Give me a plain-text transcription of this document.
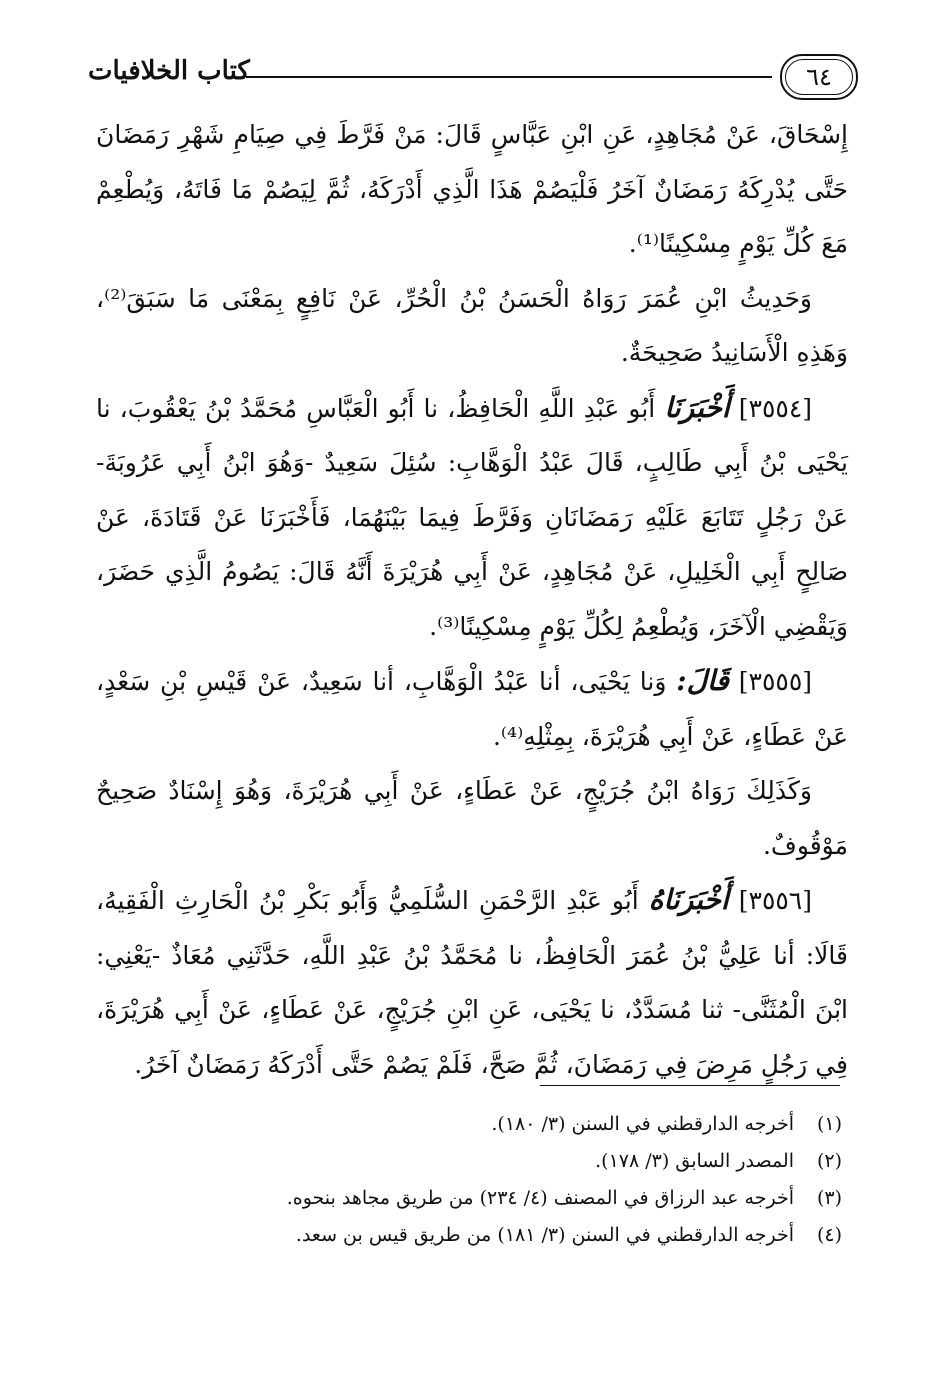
٦٤
كتاب الخلافيات

إِسْحَاقَ، عَنْ مُجَاهِدٍ، عَنِ ابْنِ عَبَّاسٍ قَالَ: مَنْ فَرَّطَ فِي صِيَامِ شَهْرِ رَمَضَانَ حَتَّى يُدْرِكَهُ رَمَضَانٌ آخَرُ فَلْيَصُمْ هَذَا الَّذِي أَدْرَكَهُ، ثُمَّ لِيَصُمْ مَا فَاتَهُ، وَيُطْعِمْ مَعَ كُلِّ يَوْمٍ مِسْكِينًا⁽¹⁾.

وَحَدِيثُ ابْنِ عُمَرَ رَوَاهُ الْحَسَنُ بْنُ الْحُرِّ، عَنْ نَافِعٍ بِمَعْنَى مَا سَبَقَ⁽²⁾، وَهَذِهِ الْأَسَانِيدُ صَحِيحَةٌ.

[٣٥٥٤] أَخْبَرَنَا أَبُو عَبْدِ اللَّهِ الْحَافِظُ، نا أَبُو الْعَبَّاسِ مُحَمَّدُ بْنُ يَعْقُوبَ، نا يَحْيَى بْنُ أَبِي طَالِبٍ، قَالَ عَبْدُ الْوَهَّابِ: سُئِلَ سَعِيدٌ -وَهُوَ ابْنُ أَبِي عَرُوبَةَ- عَنْ رَجُلٍ تَتَابَعَ عَلَيْهِ رَمَضَانَانِ وَفَرَّطَ فِيمَا بَيْنَهُمَا، فَأَخْبَرَنَا عَنْ قَتَادَةَ، عَنْ صَالِحٍ أَبِي الْخَلِيلِ، عَنْ مُجَاهِدٍ، عَنْ أَبِي هُرَيْرَةَ أَنَّهُ قَالَ: يَصُومُ الَّذِي حَضَرَ، وَيَقْضِي الْآخَرَ، وَيُطْعِمُ لِكُلِّ يَوْمٍ مِسْكِينًا⁽³⁾.

[٣٥٥٥] قَالَ: وَنا يَحْيَى، أنا عَبْدُ الْوَهَّابِ، أنا سَعِيدٌ، عَنْ قَيْسِ بْنِ سَعْدٍ، عَنْ عَطَاءٍ، عَنْ أَبِي هُرَيْرَةَ، بِمِثْلِهِ⁽⁴⁾.

وَكَذَلِكَ رَوَاهُ ابْنُ جُرَيْجٍ، عَنْ عَطَاءٍ، عَنْ أَبِي هُرَيْرَةَ، وَهُوَ إِسْنَادٌ صَحِيحٌ مَوْقُوفٌ.

[٣٥٥٦] أَخْبَرَنَاهُ أَبُو عَبْدِ الرَّحْمَنِ السُّلَمِيُّ وَأَبُو بَكْرِ بْنُ الْحَارِثِ الْفَقِيهُ، قَالَا: أنا عَلِيُّ بْنُ عُمَرَ الْحَافِظُ، نا مُحَمَّدُ بْنُ عَبْدِ اللَّهِ، حَدَّثَنِي مُعَاذٌ -يَعْنِي: ابْنَ الْمُثَنَّى- ثنا مُسَدَّدٌ، نا يَحْيَى، عَنِ ابْنِ جُرَيْجٍ، عَنْ عَطَاءٍ، عَنْ أَبِي هُرَيْرَةَ، فِي رَجُلٍ مَرِضَ فِي رَمَضَانَ، ثُمَّ صَحَّ، فَلَمْ يَصُمْ حَتَّى أَدْرَكَهُ رَمَضَانٌ آخَرُ.

(١)
أخرجه الدارقطني في السنن (٣/ ١٨٠).
(٢)
المصدر السابق (٣/ ١٧٨).
(٣)
أخرجه عبد الرزاق في المصنف (٤/ ٢٣٤) من طريق مجاهد بنحوه.
(٤)
أخرجه الدارقطني في السنن (٣/ ١٨١) من طريق قيس بن سعد.
